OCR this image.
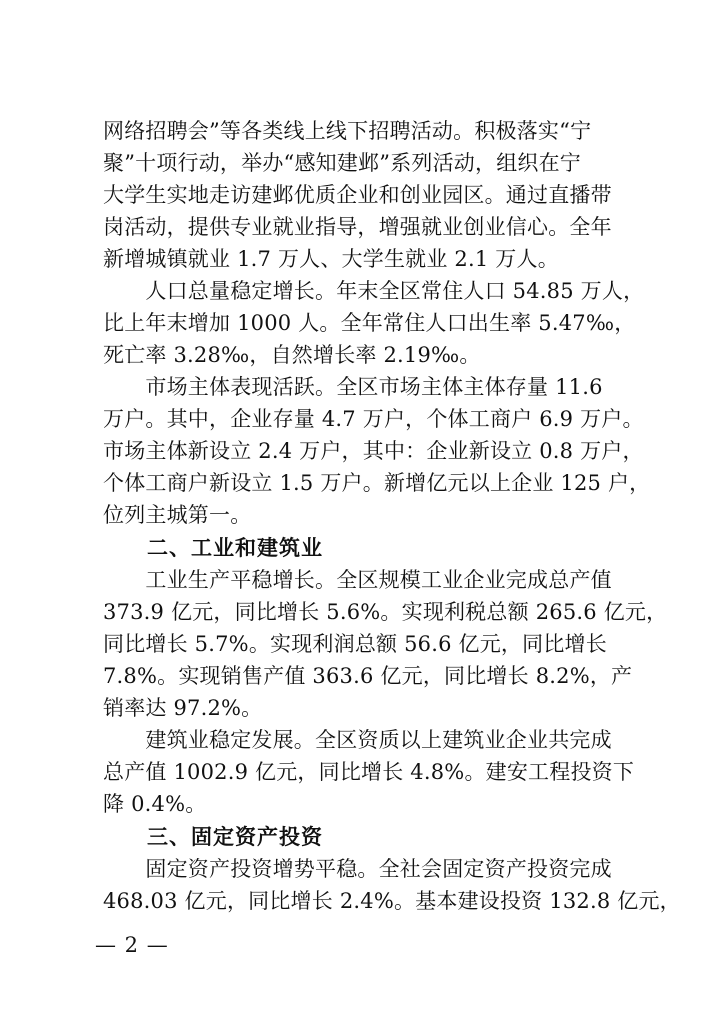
网络招聘会”等各类线上线下招聘活动。积极落实“宁
聚”十项行动，举办“感知建邺”系列活动，组织在宁
大学生实地走访建邺优质企业和创业园区。通过直播带
岗活动，提供专业就业指导，增强就业创业信心。全年
新增城镇就业 1.7 万人、大学生就业 2.1 万人。
　　人口总量稳定增长。年末全区常住人口 54.85 万人，
比上年末增加 1000 人。全年常住人口出生率 5.47‰，
死亡率 3.28‰，自然增长率 2.19‰。
　　市场主体表现活跃。全区市场主体主体存量 11.6
万户。其中，企业存量 4.7 万户，个体工商户 6.9 万户。
市场主体新设立 2.4 万户，其中：企业新设立 0.8 万户，
个体工商户新设立 1.5 万户。新增亿元以上企业 125 户，
位列主城第一。
　　二、工业和建筑业
　　工业生产平稳增长。全区规模工业企业完成总产值
373.9 亿元，同比增长 5.6%。实现利税总额 265.6 亿元，
同比增长 5.7%。实现利润总额 56.6 亿元，同比增长
7.8%。实现销售产值 363.6 亿元，同比增长 8.2%，产
销率达 97.2%。
　　建筑业稳定发展。全区资质以上建筑业企业共完成
总产值 1002.9 亿元，同比增长 4.8%。建安工程投资下
降 0.4%。
　　三、固定资产投资
　　固定资产投资增势平稳。全社会固定资产投资完成
468.03 亿元，同比增长 2.4%。基本建设投资 132.8 亿元，
— 2 —
